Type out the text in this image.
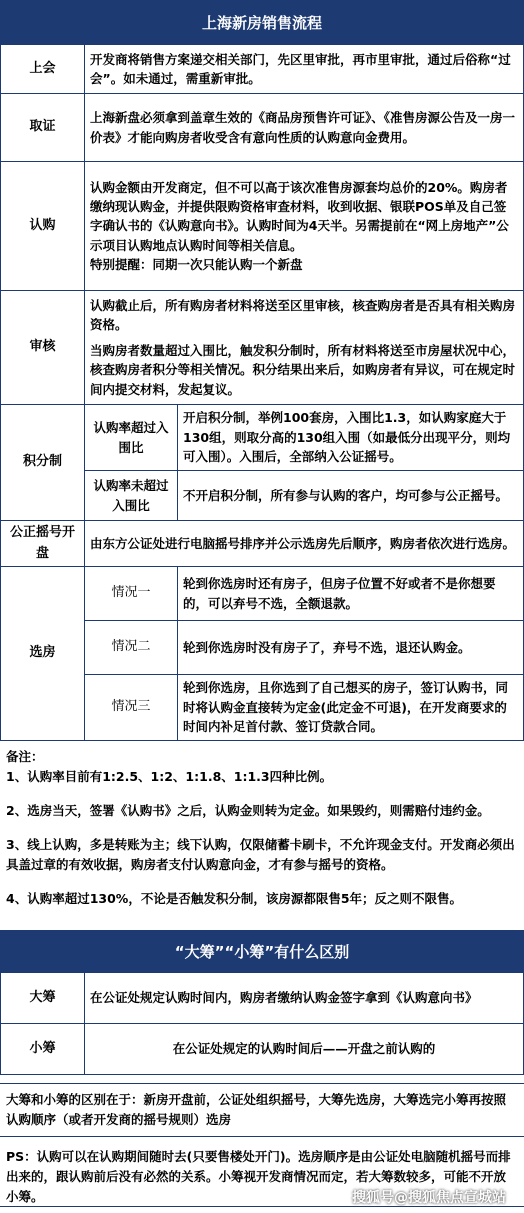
上海新房销售流程
上会	开发商将销售方案递交相关部门，先区里审批，再市里审批，通过后俗称“过会”。如未通过，需重新审批。	
取证	上海新盘必须拿到盖章生效的《商品房预售许可证》、《准售房源公告及一房一价表》才能向购房者收受含有意向性质的认购意向金费用。	
认购	认购金额由开发商定，但不可以高于该次准售房源套均总价的20%。购房者缴纳现认购金，并提供限购资格审查材料，收到收据、银联POS单及自己签字确认书的《认购意向书》。认购时间为4天半。另需提前在“网上房地产”公示项目认购地点认购时间等相关信息。
特别提醒：同期一次只能认购一个新盘	

审核	认购截止后，所有购房者材料将送至区里审核，核查购房者是否具有相关购房资格。
当购房者数量超过入围比，触发积分制时，所有材料将送至市房屋状况中心，核查购房者积分等相关情况。积分结果出来后，如购房者有异议，可在规定时间内提交材料，发起复议。	

积分制	认购率超过入围比	开启积分制，举例100套房，入围比1.3，如认购家庭大于130组，则取分高的130组入围（如最低分出现平分，则均可入围）。入围后，全部纳入公证摇号。
	认购率未超过入围比	不开启积分制，所有参与认购的客户，均可参与公正摇号。
公正摇号开盘	由东方公证处进行电脑摇号排序并公示选房先后顺序，购房者依次进行选房。	
选房	情况一	轮到你选房时还有房子，但房子位置不好或者不是你想要的，可以弃号不选，全额退款。
	情况二	轮到你选房时没有房子了，弃号不选，退还认购金。
	情况三	轮到你选房，且你选到了自己想买的房子，签订认购书，同时将认购金直接转为定金(此定金不可退)，在开发商要求的时间内补足首付款、签订贷款合同。

备注：

1、认购率目前有1:2.5、1:2、1:1.8、1:1.3四种比例。

2、选房当天，签署《认购书》之后，认购金则转为定金。如果毁约，则需赔付违约金。

3、线上认购，多是转账为主；线下认购，仅限储蓄卡刷卡，不允许现金支付。开发商必须出具盖过章的有效收据，购房者支付认购意向金，才有参与摇号的资格。

4、认购率超过130%，不论是否触发积分制，该房源都限售5年；反之则不限售。

“大筹”“小筹”有什么区别
大筹	在公证处规定认购时间内，购房者缴纳认购金签字拿到《认购意向书》
小筹	在公证处规定的认购时间后——开盘之前认购的
大筹和小筹的区别在于：新房开盘前，公证处组织摇号，大筹先选房，大筹选完小筹再按照认购顺序（或者开发商的摇号规则）选房
PS：认购可以在认购期间随时去(只要售楼处开门)。选房顺序是由公证处电脑随机摇号而排出来的，跟认购前后没有必然的关系。小筹视开发商情况而定，若大筹数较多，可能不开放小筹。	搜狐号@搜狐焦点宣城站
